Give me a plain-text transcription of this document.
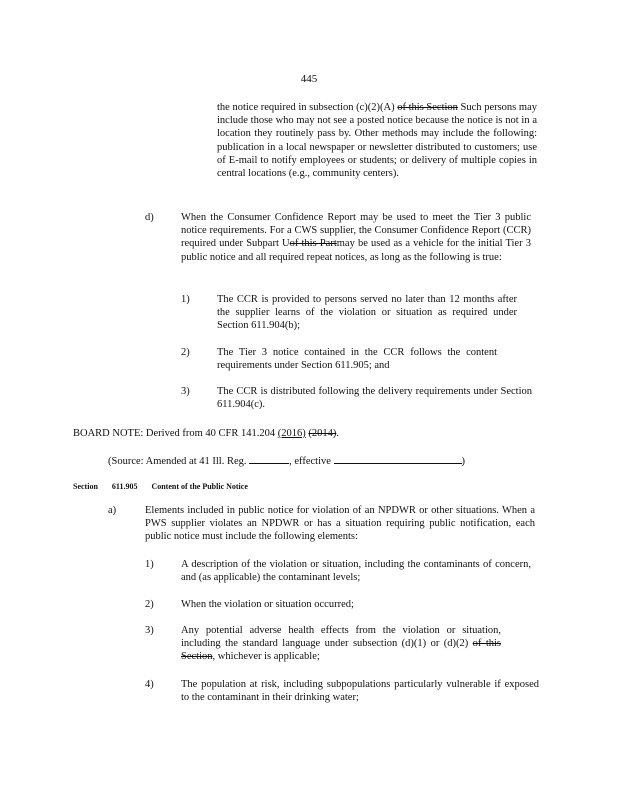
445
the notice required in subsection (c)(2)(A) of this Section Such persons may include those who may not see a posted notice because the notice is not in a location they routinely pass by. Other methods may include the following: publication in a local newspaper or newsletter distributed to customers; use of E-mail to notify employees or students; or delivery of multiple copies in central locations (e.g., community centers).
d)	When the Consumer Confidence Report may be used to meet the Tier 3 public notice requirements. For a CWS supplier, the Consumer Confidence Report (CCR) required under Subpart Uof this Partmay be used as a vehicle for the initial Tier 3 public notice and all required repeat notices, as long as the following is true:
1)	The CCR is provided to persons served no later than 12 months after the supplier learns of the violation or situation as required under Section 611.904(b);
2)	The Tier 3 notice contained in the CCR follows the content requirements under Section 611.905; and
3)	The CCR is distributed following the delivery requirements under Section 611.904(c).
BOARD NOTE: Derived from 40 CFR 141.204 (2016) (2014).
(Source: Amended at 41 Ill. Reg.	, effective	)
Section 611.905 Content of the Public Notice
a)	Elements included in public notice for violation of an NPDWR or other situations. When a PWS supplier violates an NPDWR or has a situation requiring public notification, each public notice must include the following elements:
1)	A description of the violation or situation, including the contaminants of concern, and (as applicable) the contaminant levels;
2)	When the violation or situation occurred;
3)	Any potential adverse health effects from the violation or situation, including the standard language under subsection (d)(1) or (d)(2) of this Section, whichever is applicable;
4)	The population at risk, including subpopulations particularly vulnerable if exposed to the contaminant in their drinking water;
